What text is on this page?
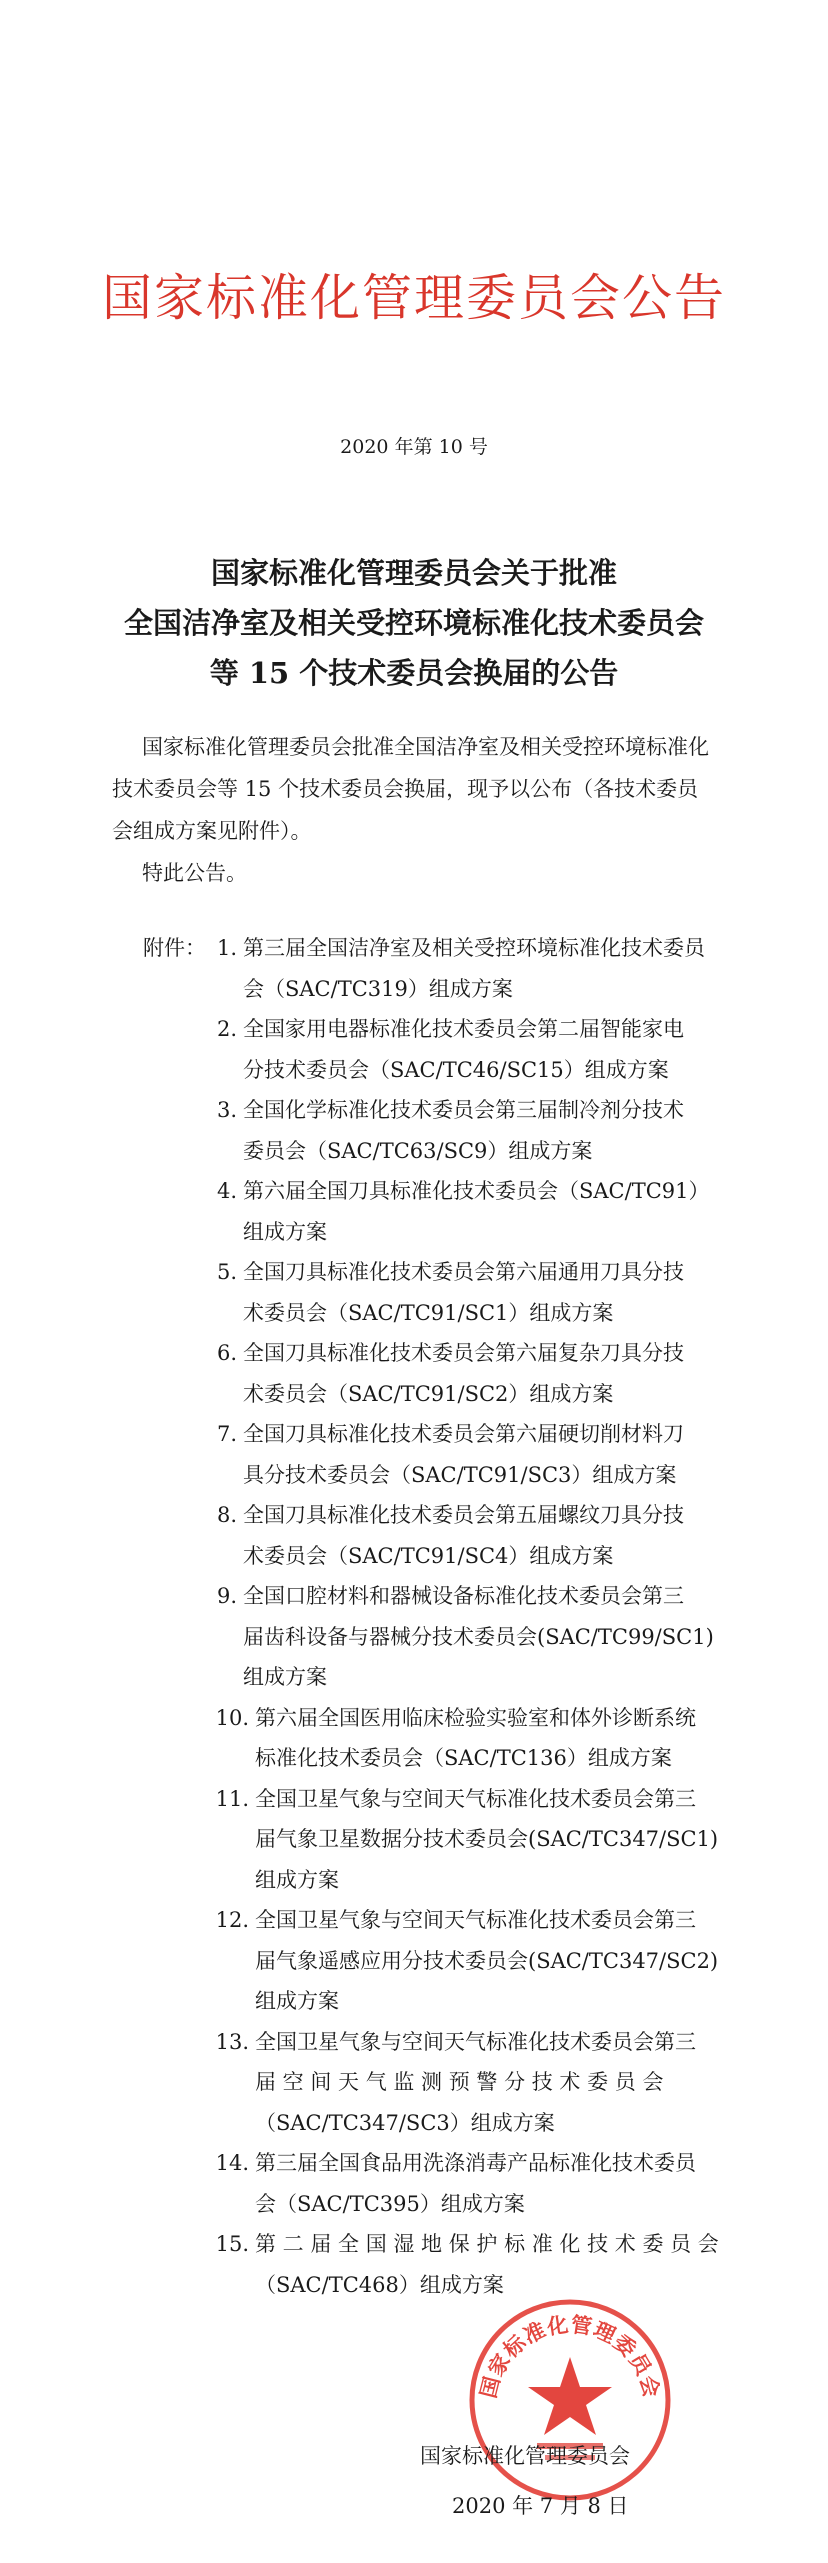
国家标准化管理委员会公告
2020 年第 10 号
国家标准化管理委员会关于批准
全国洁净室及相关受控环境标准化技术委员会
等 15 个技术委员会换届的公告
国家标准化管理委员会批准全国洁净室及相关受控环境标准化
技术委员会等 15 个技术委员会换届，现予以公布（各技术委员
会组成方案见附件）。
特此公告。
附件： 1. 第三届全国洁净室及相关受控环境标准化技术委员
会（SAC/TC319）组成方案
2. 全国家用电器标准化技术委员会第二届智能家电
分技术委员会（SAC/TC46/SC15）组成方案
3. 全国化学标准化技术委员会第三届制冷剂分技术
委员会（SAC/TC63/SC9）组成方案
4. 第六届全国刀具标准化技术委员会（SAC/TC91）
组成方案
5. 全国刀具标准化技术委员会第六届通用刀具分技
术委员会（SAC/TC91/SC1）组成方案
6. 全国刀具标准化技术委员会第六届复杂刀具分技
术委员会（SAC/TC91/SC2）组成方案
7. 全国刀具标准化技术委员会第六届硬切削材料刀
具分技术委员会（SAC/TC91/SC3）组成方案
8. 全国刀具标准化技术委员会第五届螺纹刀具分技
术委员会（SAC/TC91/SC4）组成方案
9. 全国口腔材料和器械设备标准化技术委员会第三
届齿科设备与器械分技术委员会(SAC/TC99/SC1)
组成方案
10. 第六届全国医用临床检验实验室和体外诊断系统
标准化技术委员会（SAC/TC136）组成方案
11. 全国卫星气象与空间天气标准化技术委员会第三
届气象卫星数据分技术委员会(SAC/TC347/SC1)
组成方案
12. 全国卫星气象与空间天气标准化技术委员会第三
届气象遥感应用分技术委员会(SAC/TC347/SC2)
组成方案
13. 全国卫星气象与空间天气标准化技术委员会第三
届 空 间 天 气 监 测 预 警 分 技 术 委 员 会
（SAC/TC347/SC3）组成方案
14. 第三届全国食品用洗涤消毒产品标准化技术委员
会（SAC/TC395）组成方案
15. 第 二 届 全 国 湿 地 保 护 标 准 化 技 术 委 员 会
（SAC/TC468）组成方案
国家标准化管理委员会
国家标准化管理委员会
2020 年 7 月 8 日
